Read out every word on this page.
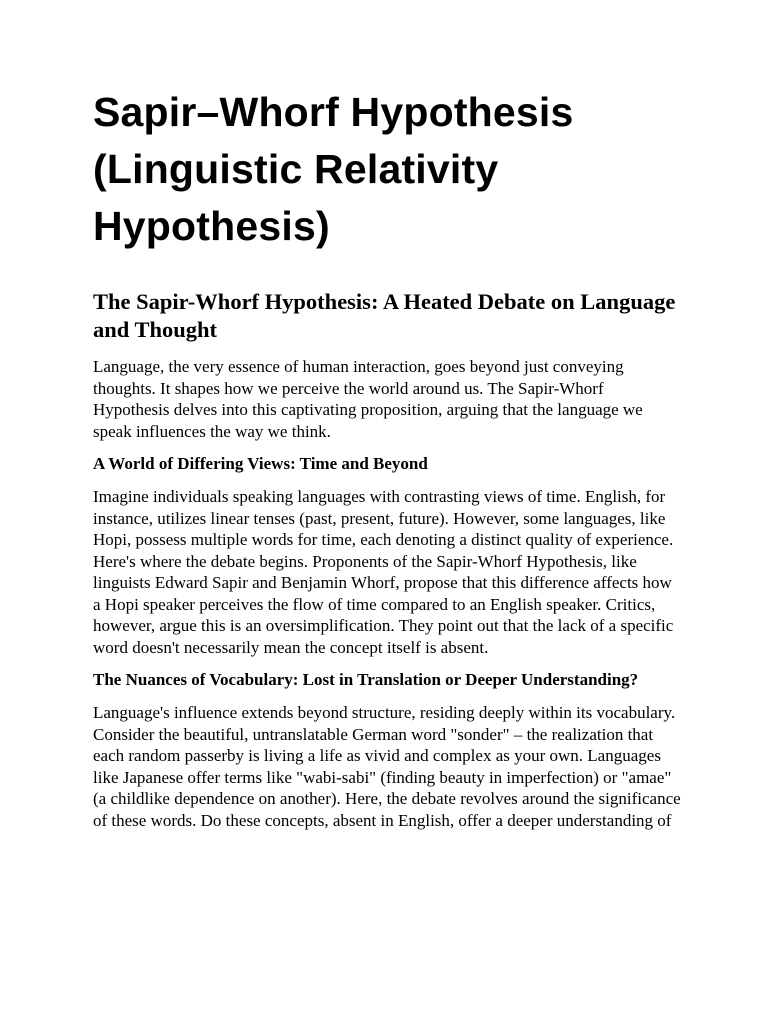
Sapir–Whorf Hypothesis (Linguistic Relativity Hypothesis)
The Sapir-Whorf Hypothesis: A Heated Debate on Language and Thought

Language, the very essence of human interaction, goes beyond just conveying thoughts. It shapes how we perceive the world around us. The Sapir-Whorf Hypothesis delves into this captivating proposition, arguing that the language we speak influences the way we think.

A World of Differing Views: Time and Beyond

Imagine individuals speaking languages with contrasting views of time. English, for instance, utilizes linear tenses (past, present, future). However, some languages, like Hopi, possess multiple words for time, each denoting a distinct quality of experience. Here's where the debate begins. Proponents of the Sapir-Whorf Hypothesis, like linguists Edward Sapir and Benjamin Whorf, propose that this difference affects how a Hopi speaker perceives the flow of time compared to an English speaker. Critics, however, argue this is an oversimplification. They point out that the lack of a specific word doesn't necessarily mean the concept itself is absent.

The Nuances of Vocabulary: Lost in Translation or Deeper Understanding?

Language's influence extends beyond structure, residing deeply within its vocabulary. Consider the beautiful, untranslatable German word "sonder" – the realization that each random passerby is living a life as vivid and complex as your own. Languages like Japanese offer terms like "wabi-sabi" (finding beauty in imperfection) or "amae" (a childlike dependence on another). Here, the debate revolves around the significance of these words. Do these concepts, absent in English, offer a deeper understanding of
